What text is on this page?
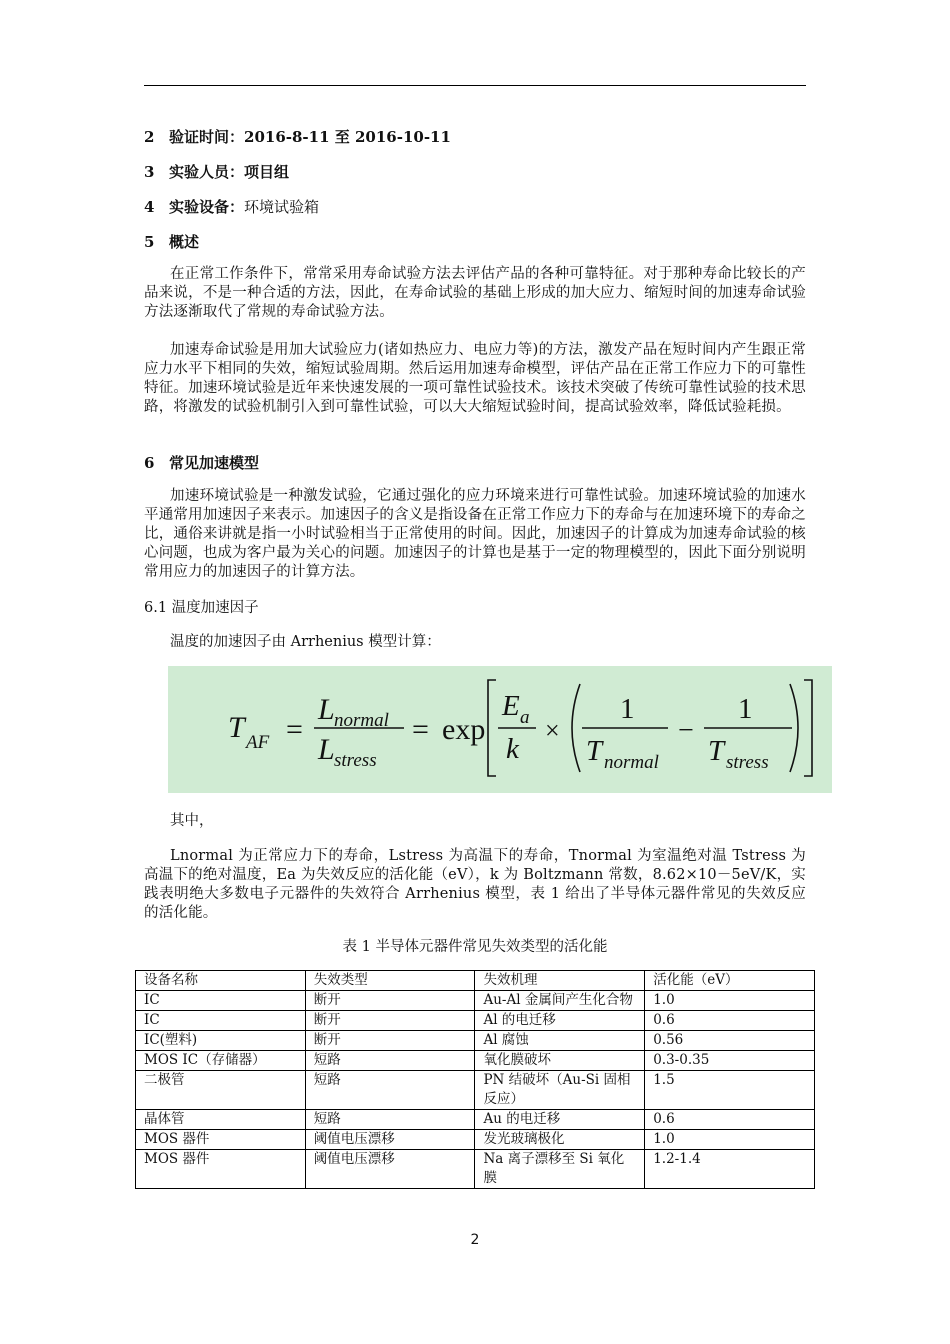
2 验证时间：2016-8-11 至 2016-10-11
3 实验人员：项目组
4 实验设备：环境试验箱
5 概述
在正常工作条件下，常常采用寿命试验方法去评估产品的各种可靠特征。对于那种寿命比较长的产品来说，不是一种合适的方法，因此，在寿命试验的基础上形成的加大应力、缩短时间的加速寿命试验方法逐渐取代了常规的寿命试验方法。
加速寿命试验是用加大试验应力(诸如热应力、电应力等)的方法，激发产品在短时间内产生跟正常应力水平下相同的失效，缩短试验周期。然后运用加速寿命模型，评估产品在正常工作应力下的可靠性特征。加速环境试验是近年来快速发展的一项可靠性试验技术。该技术突破了传统可靠性试验的技术思路，将激发的试验机制引入到可靠性试验，可以大大缩短试验时间，提高试验效率，降低试验耗损。
6 常见加速模型
加速环境试验是一种激发试验，它通过强化的应力环境来进行可靠性试验。加速环境试验的加速水平通常用加速因子来表示。加速因子的含义是指设备在正常工作应力下的寿命与在加速环境下的寿命之比，通俗来讲就是指一小时试验相当于正常使用的时间。因此，加速因子的计算成为加速寿命试验的核心问题，也成为客户最为关心的问题。加速因子的计算也是基于一定的物理模型的，因此下面分别说明常用应力的加速因子的计算方法。
6.1 温度加速因子
温度的加速因子由 Arrhenius 模型计算：
T AF
L normal
L stress
E a
k T normal T stress
=	= exp ×
1
−
1
其中，
Lnormal 为正常应力下的寿命，Lstress 为高温下的寿命，Tnormal 为室温绝对温 Tstress 为高温下的绝对温度，Ea 为失效反应的活化能（eV），k 为 Boltzmann 常数，8.62×10－5eV/K，实践表明绝大多数电子元器件的失效符合 Arrhenius 模型，表 1 给出了半导体元器件常见的失效反应的活化能。
表 1 半导体元器件常见失效类型的活化能
设备名称	失效类型	失效机理	活化能（eV）
IC	断开	Au-Al 金属间产生化合物	1.0
IC	断开	Al 的电迁移	0.6
IC(塑料)	断开	Al 腐蚀	0.56
MOS IC（存储器）	短路	氧化膜破坏	0.3-0.35
二极管	短路	PN 结破坏（Au-Si 固相反应）	1.5
晶体管	短路	Au 的电迁移	0.6
MOS 器件	阈值电压漂移	发光玻璃极化	1.0
MOS 器件	阈值电压漂移	Na 离子漂移至 Si 氧化膜	1.2-1.4
2
